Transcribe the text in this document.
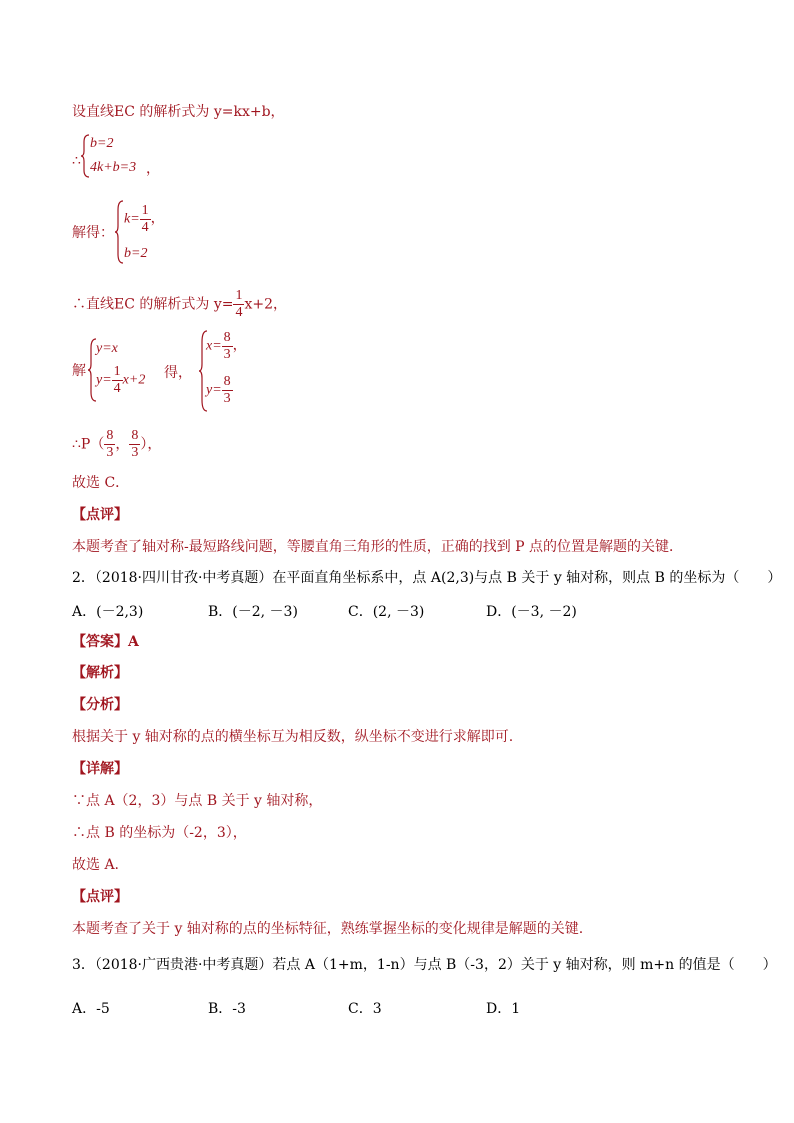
设直线EC 的解析式为 y=kx+b，
∴
b=2
4k+b=3 ，
解得：
$k= \frac{1}{4}$ ，
b=2
∴直线EC 的解析式为 $y= \frac{1}{4} x+2$，
解
y=x
$y= \frac{1}{4} x+2$ 得，
$x= \frac{8}{3}$ ，
$y= \frac{8}{3}$
∴P（ $\frac{8}{3}$ ， $\frac{8}{3}$ ），
故选 C．
【点评】
本题考查了轴对称-最短路线问题，等腰直角三角形的性质，正确的找到 P 点的位置是解题的关键．
2．（2018·四川甘孜·中考真题）在平面直角坐标系中，点 A(2,3)与点 B 关于 y 轴对称，则点 B 的坐标为（　　）
A．(－2,3)	B．(－2, －3)	C．(2, －3)	D．(－3, －2)
【答案】A
【解析】
【分析】
根据关于 y 轴对称的点的横坐标互为相反数，纵坐标不变进行求解即可.
【详解】
∵点 A（2，3）与点 B 关于 y 轴对称，
∴点 B 的坐标为（-2，3），
故选 A.
【点评】
本题考查了关于 y 轴对称的点的坐标特征，熟练掌握坐标的变化规律是解题的关键.
3．（2018·广西贵港·中考真题）若点 A（1+m，1-n）与点 B（-3，2）关于 y 轴对称，则 m+n 的值是（　　）
A．-5	B．-3	C．3	D．1
